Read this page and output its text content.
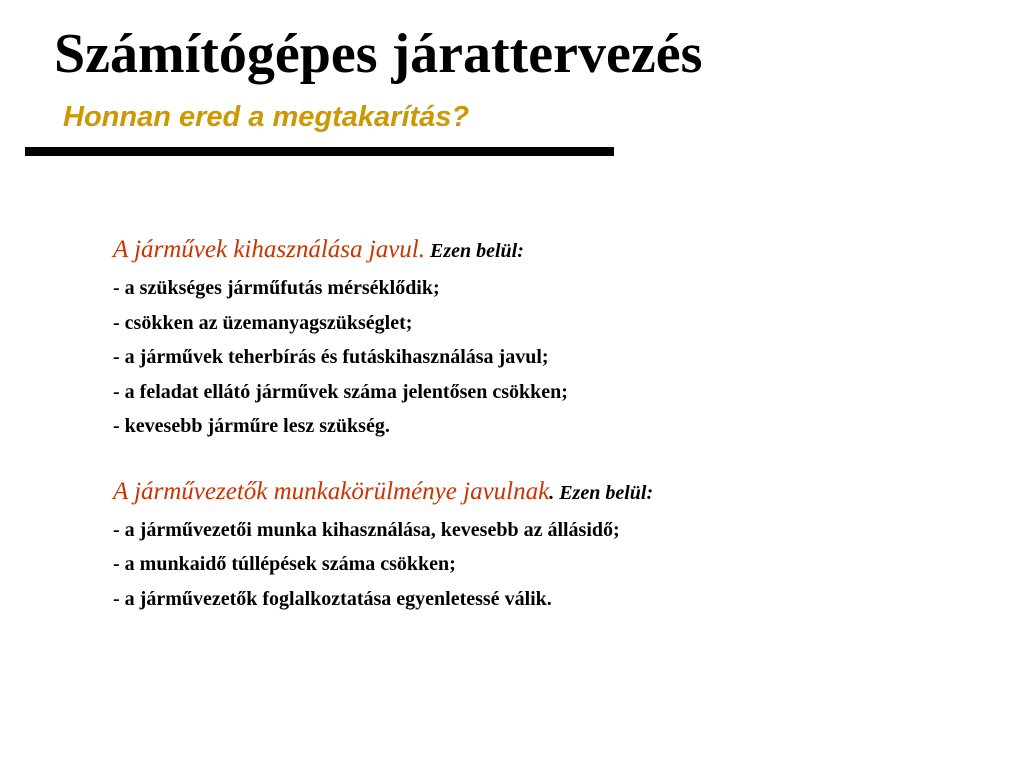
Számítógépes járattervezés
Honnan ered a megtakarítás?
A járművek kihasználása javul. Ezen belül:
- a szükséges járműfutás mérséklődik;
- csökken az üzemanyagszükséglet;
- a járművek teherbírás és futáskihasználása javul;
- a feladat ellátó járművek száma jelentősen csökken;
- kevesebb járműre lesz szükség.
A járművezetők munkakörülménye javulnak. Ezen belül:
- a járművezetői munka kihasználása, kevesebb az állásidő;
- a munkaidő túllépések száma csökken;
- a járművezetők foglalkoztatása egyenletessé válik.
